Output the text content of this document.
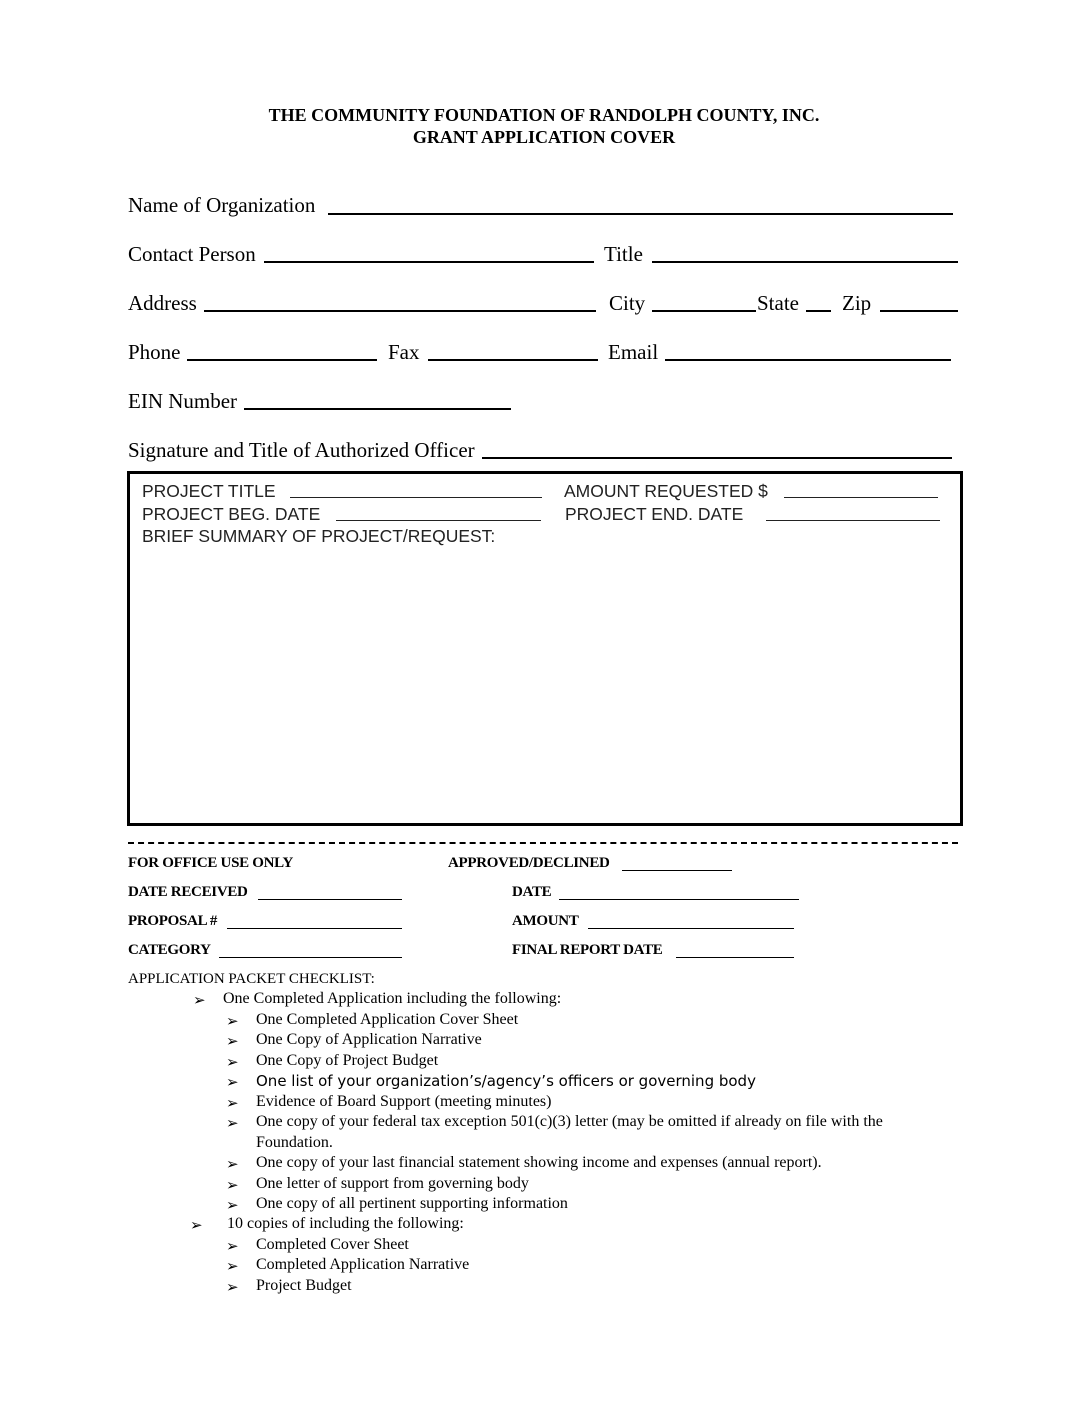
THE COMMUNITY FOUNDATION OF RANDOLPH COUNTY, INC.
GRANT APPLICATION COVER
Name of Organization
Contact Person	Title
Address	City	State Zip
Phone	Fax	Email
EIN Number
Signature and Title of Authorized Officer
PROJECT TITLE	AMOUNT REQUESTED $
PROJECT BEG. DATE	PROJECT END. DATE
BRIEF SUMMARY OF PROJECT/REQUEST:
FOR OFFICE USE ONLY	APPROVED/DECLINED
DATE RECEIVED	DATE
PROPOSAL #	AMOUNT
CATEGORY	FINAL REPORT DATE
APPLICATION PACKET CHECKLIST:
➢ One Completed Application including the following:
➢ One Completed Application Cover Sheet
➢ One Copy of Application Narrative
➢ One Copy of Project Budget
➢ One list of your organization’s/agency’s officers or governing body
➢ Evidence of Board Support (meeting minutes)
➢ One copy of your federal tax exception 501(c)(3) letter (may be omitted if already on file with the
Foundation.
➢ One copy of your last financial statement showing income and expenses (annual report).
➢ One letter of support from governing body
➢ One copy of all pertinent supporting information
➢ 10 copies of including the following:
➢ Completed Cover Sheet
➢ Completed Application Narrative
➢ Project Budget
